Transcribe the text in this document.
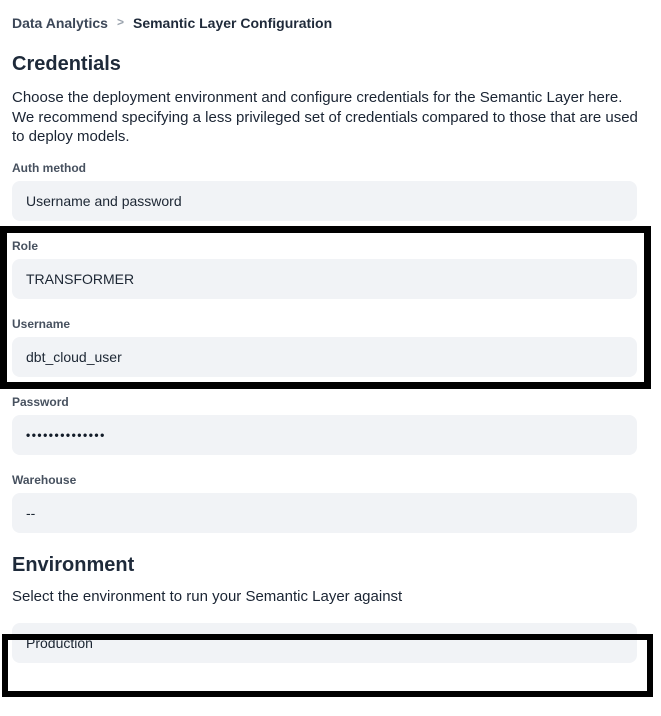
Data Analytics > Semantic Layer Configuration
Credentials

Choose the deployment environment and configure credentials for the Semantic Layer here. We recommend specifying a less privileged set of credentials compared to those that are used to deploy models.

Auth method
Username and password
Role
TRANSFORMER
Username
dbt_cloud_user
Password
••••••••••••••
Warehouse
--
Environment

Select the environment to run your Semantic Layer against

Production
